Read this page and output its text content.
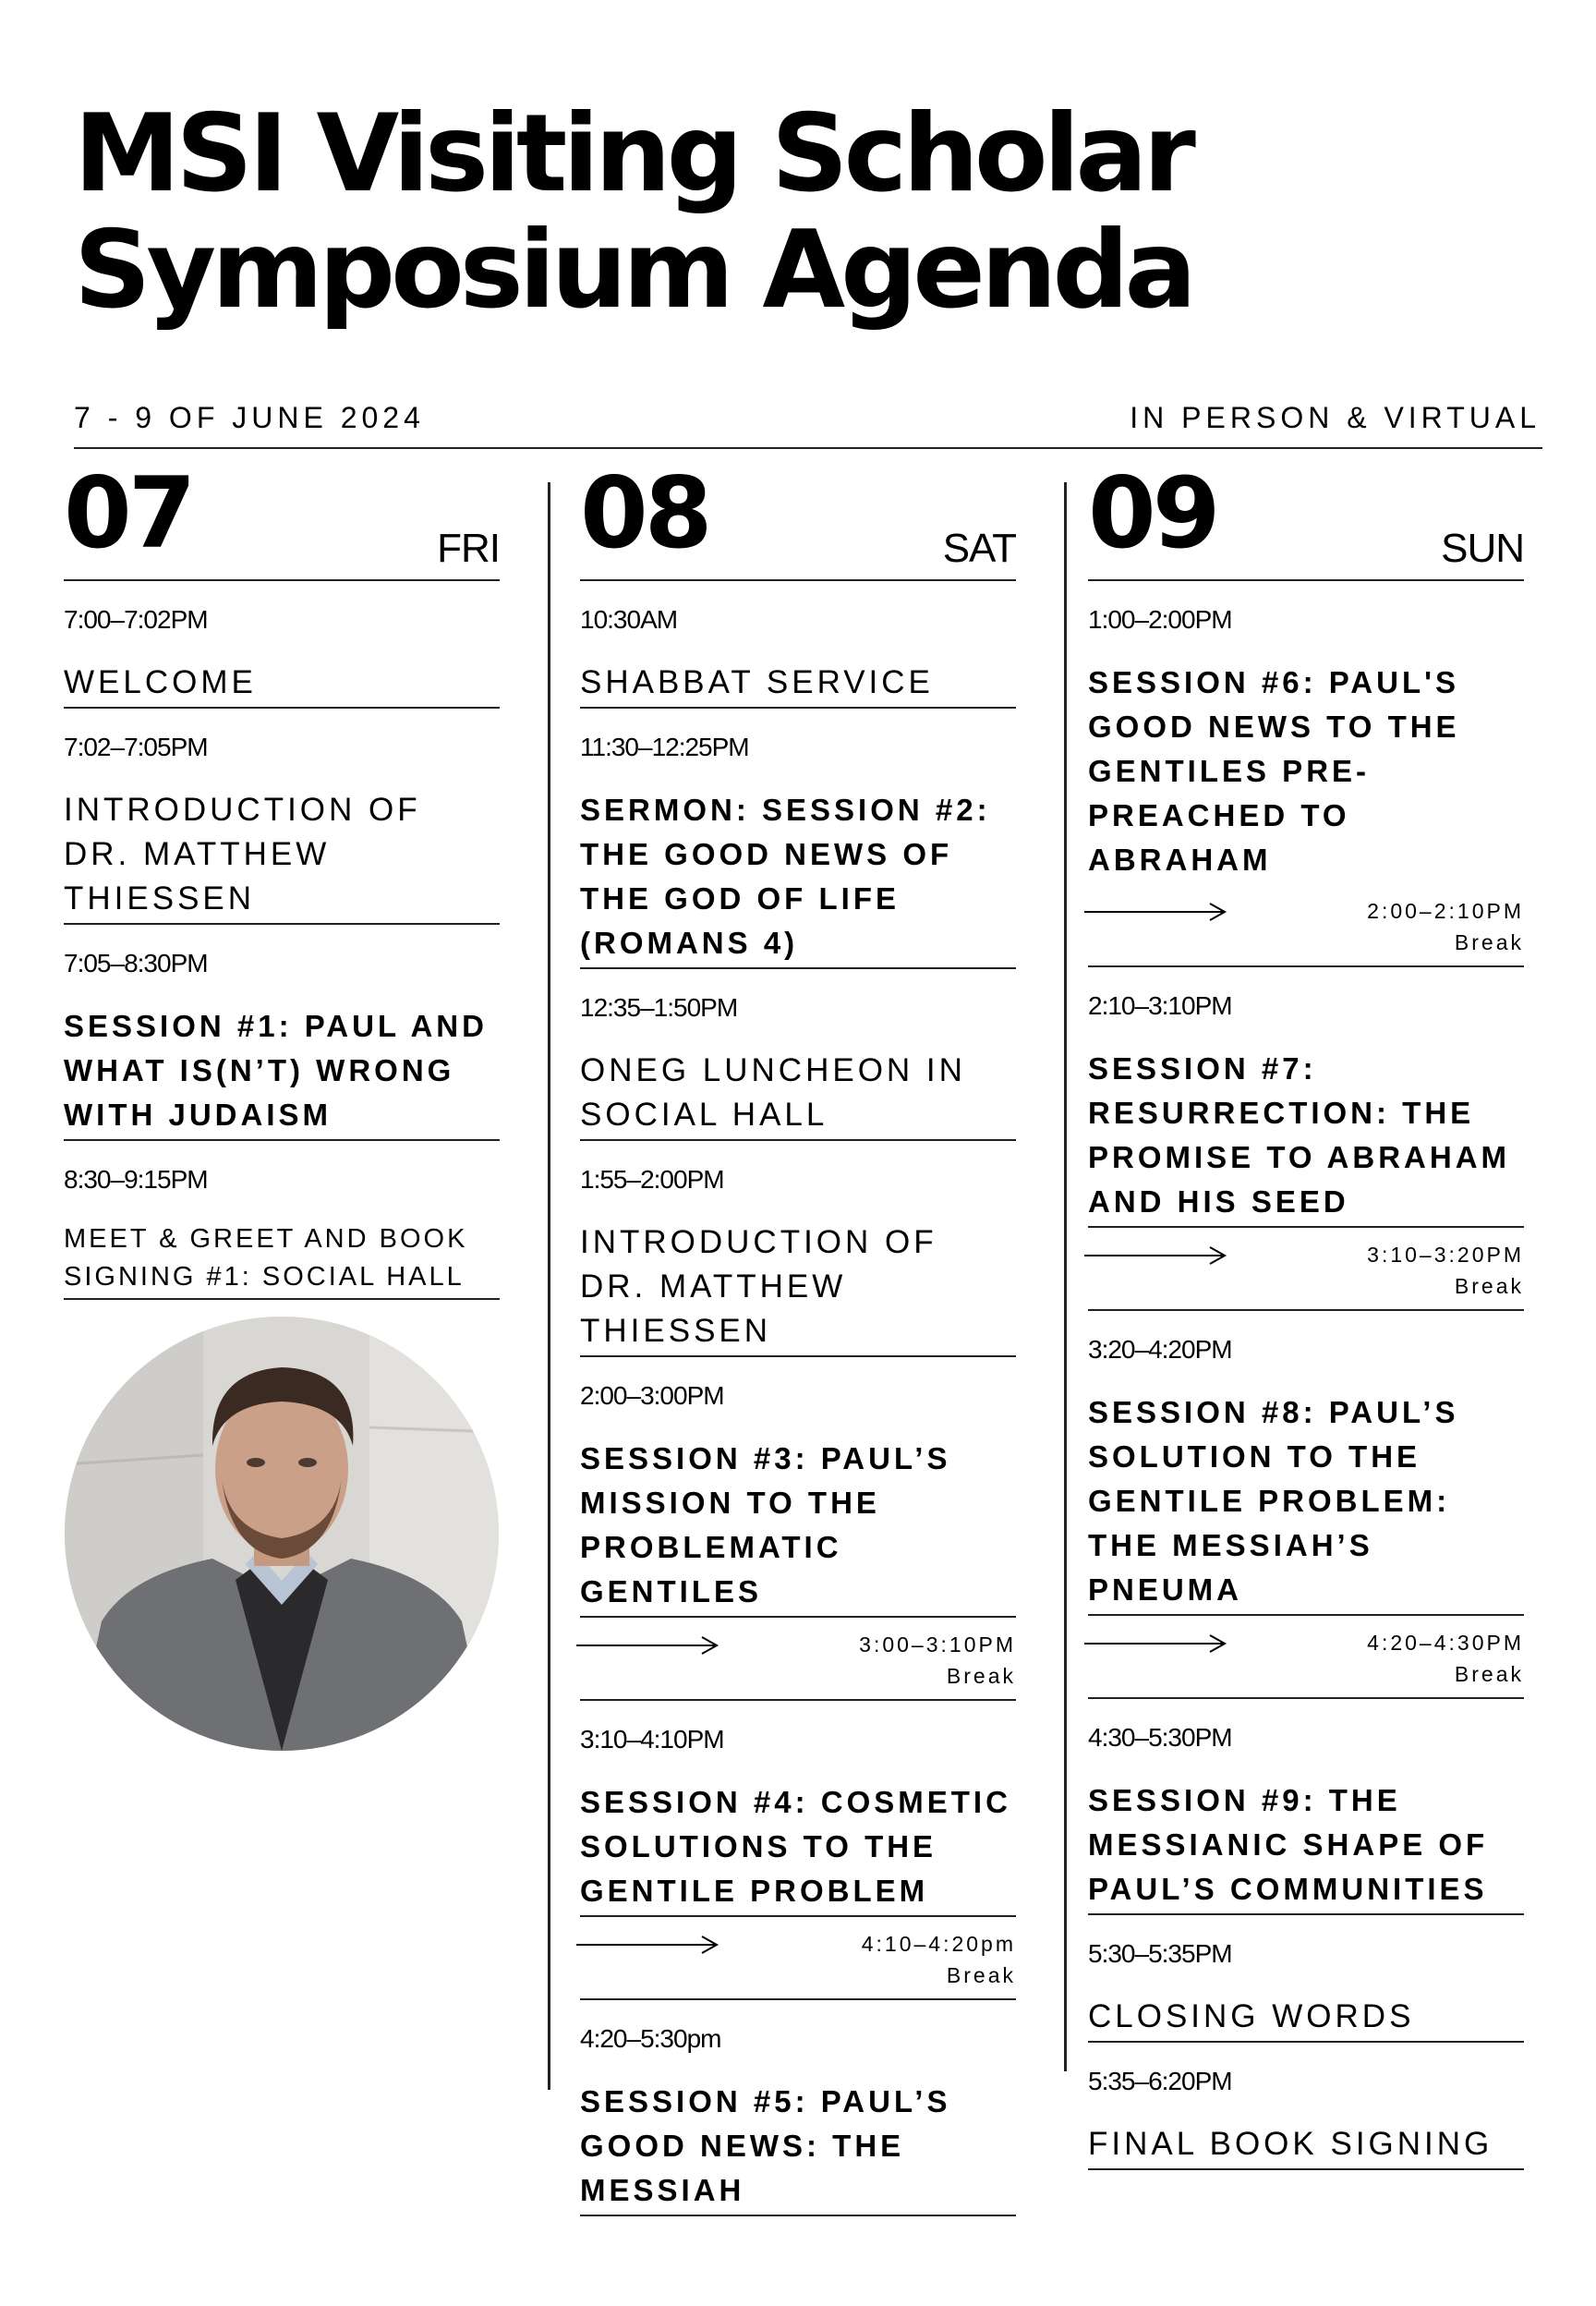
MSI Visiting Scholar
Symposium Agenda
7 - 9 OF JUNE 2024	IN PERSON & VIRTUAL
07	FRI
7:00–7:02PM
WELCOME
7:02–7:05PM
INTRODUCTION OF DR. MATTHEW THIESSEN
7:05–8:30PM
SESSION #1: PAUL AND WHAT IS(N’T) WRONG WITH JUDAISM
8:30–9:15PM
MEET & GREET AND BOOK SIGNING #1: SOCIAL HALL
08	SAT
10:30AM
SHABBAT SERVICE
11:30–12:25PM
SERMON: SESSION #2: THE GOOD NEWS OF THE GOD OF LIFE (ROMANS 4)
12:35–1:50PM
ONEG LUNCHEON IN SOCIAL HALL
1:55–2:00PM
INTRODUCTION OF DR. MATTHEW THIESSEN
2:00–3:00PM
SESSION #3: PAUL’S MISSION TO THE PROBLEMATIC GENTILES
3:00–3:10PM
Break
3:10–4:10PM
SESSION #4: COSMETIC SOLUTIONS TO THE GENTILE PROBLEM
4:10–4:20pm
Break
4:20–5:30pm
SESSION #5: PAUL’S GOOD NEWS: THE MESSIAH
09	SUN
1:00–2:00PM
SESSION #6: PAUL'S GOOD NEWS TO THE GENTILES PRE-PREACHED TO ABRAHAM
2:00–2:10PM
Break
2:10–3:10PM
SESSION #7: RESURRECTION: THE PROMISE TO ABRAHAM AND HIS SEED
3:10–3:20PM
Break
3:20–4:20PM
SESSION #8: PAUL’S SOLUTION TO THE GENTILE PROBLEM: THE MESSIAH’S PNEUMA
4:20–4:30PM
Break
4:30–5:30PM
SESSION #9: THE MESSIANIC SHAPE OF PAUL’S COMMUNITIES
5:30–5:35PM
CLOSING WORDS
5:35–6:20PM
FINAL BOOK SIGNING
